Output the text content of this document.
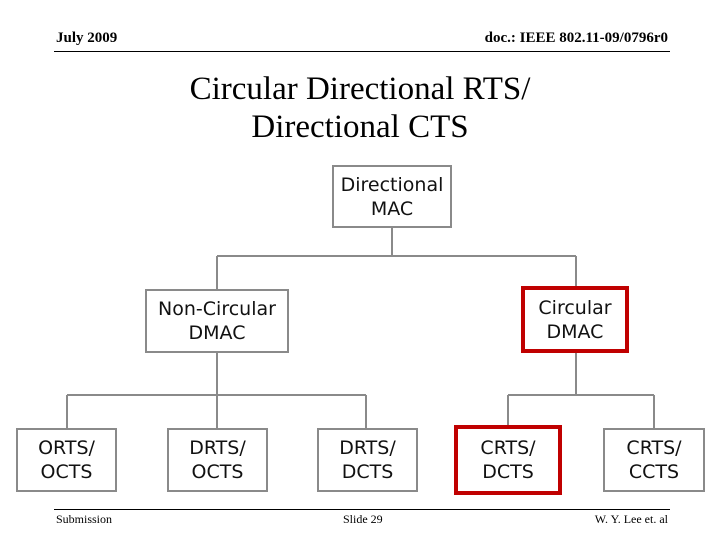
July 2009	doc.: IEEE 802.11-09/0796r0
Circular Directional RTS/
Directional CTS
Directional
MAC
Non-Circular
DMAC
Circular
DMAC
ORTS/
OCTS
DRTS/
OCTS
DRTS/
DCTS
CRTS/
DCTS
CRTS/
CCTS
Submission	Slide 29	W. Y. Lee et. al
